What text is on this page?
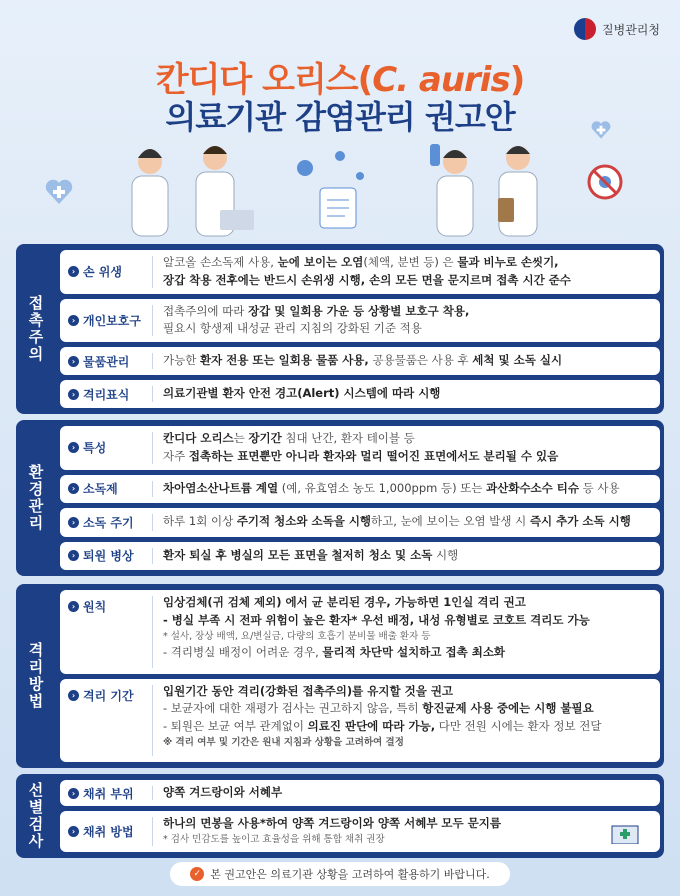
질병관리청
칸디다 오리스(C. auris)
의료기관 감염관리 권고안
접촉주의
› 손 위생
알코올 손소독제 사용, 눈에 보이는 오염(체액, 분변 등) 은 물과 비누로 손씻기,
장갑 착용 전후에는 반드시 손위생 시행, 손의 모든 면을 문지르며 접촉 시간 준수
› 개인보호구
접촉주의에 따라 장갑 및 일회용 가운 등 상황별 보호구 착용,
필요시 항생제 내성균 관리 지침의 강화된 기준 적용
› 물품관리	가능한 환자 전용 또는 일회용 물품 사용, 공용물품은 사용 후 세척 및 소독 실시
› 격리표식	의료기관별 환자 안전 경고(Alert) 시스템에 따라 시행
환경관리
› 특성
칸디다 오리스는 장기간 침대 난간, 환자 테이블 등
자주 접촉하는 표면뿐만 아니라 환자와 멀리 떨어진 표면에서도 분리될 수 있음
› 소독제	차아염소산나트륨 계열 (예, 유효염소 농도 1,000ppm 등) 또는 과산화수소수 티슈 등 사용
› 소독 주기	하루 1회 이상 주기적 청소와 소독을 시행하고, 눈에 보이는 오염 발생 시 즉시 추가 소독 시행
› 퇴원 병상	환자 퇴실 후 병실의 모든 표면을 철저히 청소 및 소독 시행
격리방법
› 원칙	임상검체(귀 검체 제외) 에서 균 분리된 경우, 가능하면 1인실 격리 권고
- 병실 부족 시 전파 위험이 높은 환자* 우선 배정, 내성 유형별로 코호트 격리도 가능
* 설사, 장상 배액, 요/변실금, 다량의 호흡기 분비물 배출 환자 등
- 격리병실 배정이 어려운 경우, 물리적 차단막 설치하고 접촉 최소화
› 격리 기간	입원기간 동안 격리(강화된 접촉주의)를 유지할 것을 권고
- 보균자에 대한 재평가 검사는 권고하지 않음, 특히 항진균제 사용 중에는 시행 불필요
- 퇴원은 보균 여부 관계없이 의료진 판단에 따라 가능, 다만 전원 시에는 환자 정보 전달
※ 격리 여부 및 기간은 원내 지침과 상황을 고려하여 결정
선별검사	› 채취 부위	양쪽 겨드랑이와 서혜부
› 채취 방법
하나의 면봉을 사용*하여 양쪽 겨드랑이와 양쪽 서혜부 모두 문지름
* 검사 민감도를 높이고 효율성을 위해 통합 채취 권장
✓ 본 권고안은 의료기관 상황을 고려하여 활용하기 바랍니다.
